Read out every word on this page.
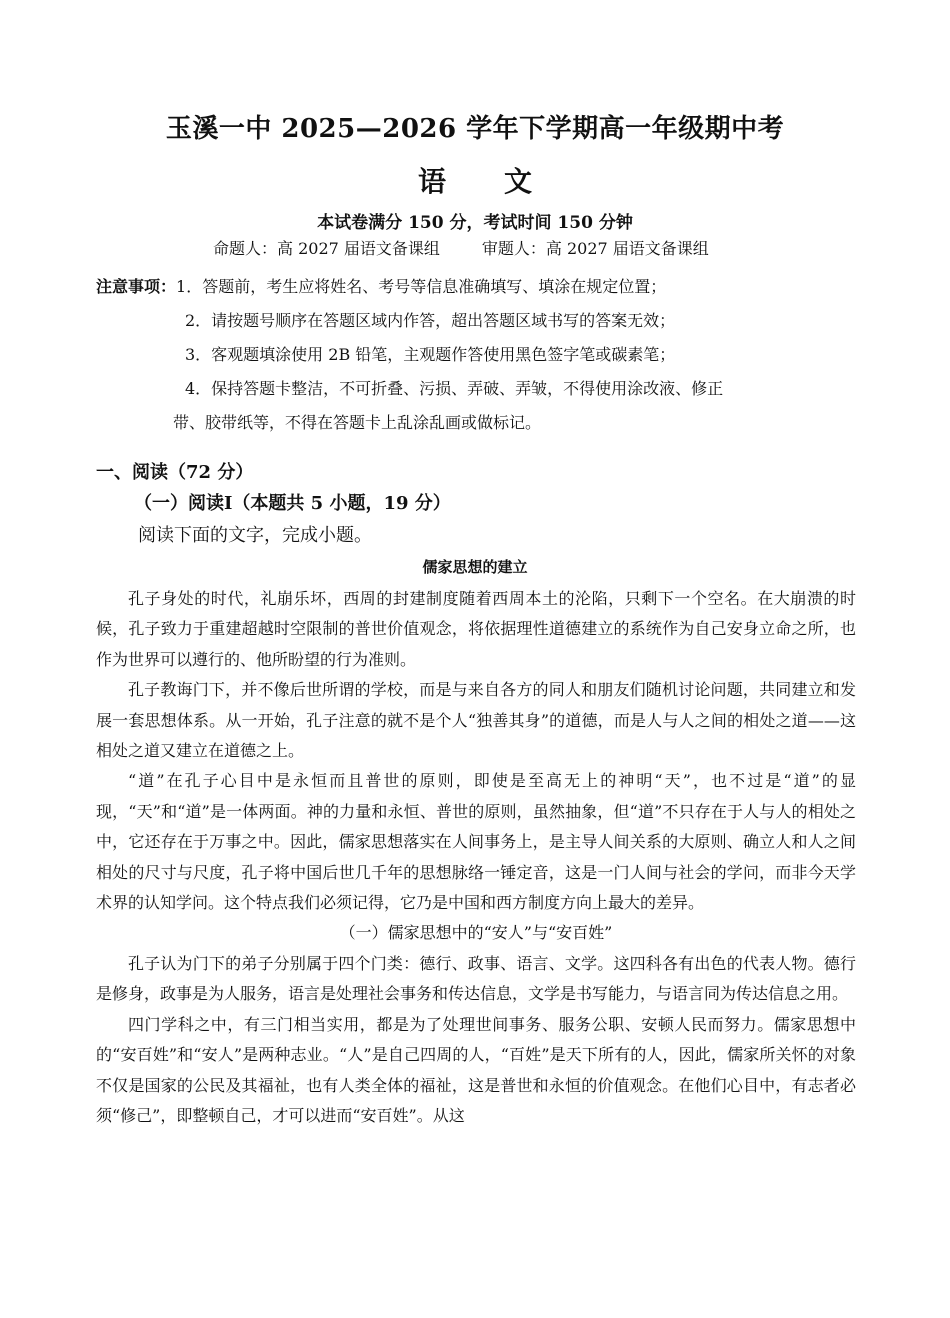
玉溪一中 2025—2026 学年下学期高一年级期中考
语 文
本试卷满分 150 分，考试时间 150 分钟
命题人：高 2027 届语文备课组	审题人：高 2027 届语文备课组
注意事项：1．答题前，考生应将姓名、考号等信息准确填写、填涂在规定位置；
2．请按题号顺序在答题区域内作答，超出答题区域书写的答案无效；
3．客观题填涂使用 2B 铅笔，主观题作答使用黑色签字笔或碳素笔；
4．保持答题卡整洁，不可折叠、污损、弄破、弄皱，不得使用涂改液、修正
带、胶带纸等，不得在答题卡上乱涂乱画或做标记。
一、阅读（72 分）
（一）阅读Ⅰ（本题共 5 小题，19 分）
阅读下面的文字，完成小题。
儒家思想的建立

孔子身处的时代，礼崩乐坏，西周的封建制度随着西周本土的沦陷，只剩下一个空名。在大崩溃的时候，孔子致力于重建超越时空限制的普世价值观念，将依据理性道德建立的系统作为自己安身立命之所，也作为世界可以遵行的、他所盼望的行为准则。

孔子教诲门下，并不像后世所谓的学校，而是与来自各方的同人和朋友们随机讨论问题，共同建立和发展一套思想体系。从一开始，孔子注意的就不是个人“独善其身”的道德，而是人与人之间的相处之道——这相处之道又建立在道德之上。

“道”在孔子心目中是永恒而且普世的原则，即使是至高无上的神明“天”，也不过是“道”的显现，“天”和“道”是一体两面。神的力量和永恒、普世的原则，虽然抽象，但“道”不只存在于人与人的相处之中，它还存在于万事之中。因此，儒家思想落实在人间事务上，是主导人间关系的大原则、确立人和人之间相处的尺寸与尺度，孔子将中国后世几千年的思想脉络一锤定音，这是一门人间与社会的学问，而非今天学术界的认知学问。这个特点我们必须记得，它乃是中国和西方制度方向上最大的差异。

（一）儒家思想中的“安人”与“安百姓”

孔子认为门下的弟子分别属于四个门类：德行、政事、语言、文学。这四科各有出色的代表人物。德行是修身，政事是为人服务，语言是处理社会事务和传达信息，文学是书写能力，与语言同为传达信息之用。

四门学科之中，有三门相当实用，都是为了处理世间事务、服务公职、安顿人民而努力。儒家思想中的“安百姓”和“安人”是两种志业。“人”是自己四周的人，“百姓”是天下所有的人，因此，儒家所关怀的对象不仅是国家的公民及其福祉，也有人类全体的福祉，这是普世和永恒的价值观念。在他们心目中，有志者必须“修己”，即整顿自己，才可以进而“安百姓”。从这
